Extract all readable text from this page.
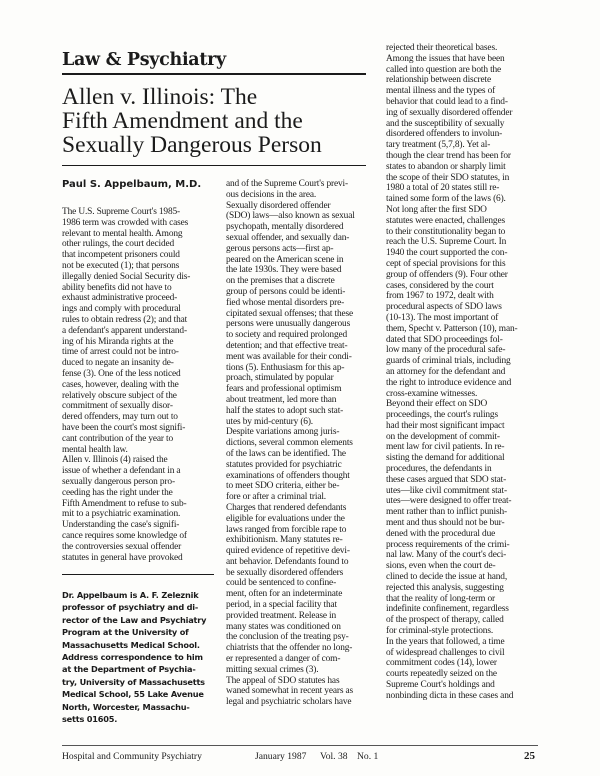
Law & Psychiatry
Allen v. Illinois: The
Fifth Amendment and the
Sexually Dangerous Person
Paul S. Appelbaum, M.D.
The U.S. Supreme Court's 1985-
1986 term was crowded with cases
relevant to mental health. Among
other rulings, the court decided
that incompetent prisoners could
not be executed (1); that persons
illegally denied Social Security dis-
ability benefits did not have to
exhaust administrative proceed-
ings and comply with procedural
rules to obtain redress (2); and that
a defendant's apparent understand-
ing of his Miranda rights at the
time of arrest could not be intro-
duced to negate an insanity de-
fense (3). One of the less noticed
cases, however, dealing with the
relatively obscure subject of the
commitment of sexually disor-
dered offenders, may turn out to
have been the court's most signifi-
cant contribution of the year to
mental health law.
Allen v. Illinois (4) raised the
issue of whether a defendant in a
sexually dangerous person pro-
ceeding has the right under the
Fifth Amendment to refuse to sub-
mit to a psychiatric examination.
Understanding the case's signifi-
cance requires some knowledge of
the controversies sexual offender
statutes in general have provoked
Dr. Appelbaum is A. F. Zeleznik
professor of psychiatry and di-
rector of the Law and Psychiatry
Program at the University of
Massachusetts Medical School.
Address correspondence to him
at the Department of Psychia-
try, University of Massachusetts
Medical School, 55 Lake Avenue
North, Worcester, Massachu-
setts 01605.
and of the Supreme Court's previ-
ous decisions in the area.
Sexually disordered offender
(SDO) laws—also known as sexual
psychopath, mentally disordered
sexual offender, and sexually dan-
gerous persons acts—first ap-
peared on the American scene in
the late 1930s. They were based
on the premises that a discrete
group of persons could be identi-
fied whose mental disorders pre-
cipitated sexual offenses; that these
persons were unusually dangerous
to society and required prolonged
detention; and that effective treat-
ment was available for their condi-
tions (5). Enthusiasm for this ap-
proach, stimulated by popular
fears and professional optimism
about treatment, led more than
half the states to adopt such stat-
utes by mid-century (6).
Despite variations among juris-
dictions, several common elements
of the laws can be identified. The
statutes provided for psychiatric
examinations of offenders thought
to meet SDO criteria, either be-
fore or after a criminal trial.
Charges that rendered defendants
eligible for evaluations under the
laws ranged from forcible rape to
exhibitionism. Many statutes re-
quired evidence of repetitive devi-
ant behavior. Defendants found to
be sexually disordered offenders
could be sentenced to confine-
ment, often for an indeterminate
period, in a special facility that
provided treatment. Release in
many states was conditioned on
the conclusion of the treating psy-
chiatrists that the offender no long-
er represented a danger of com-
mitting sexual crimes (3).
The appeal of SDO statutes has
waned somewhat in recent years as
legal and psychiatric scholars have
rejected their theoretical bases.
Among the issues that have been
called into question are both the
relationship between discrete
mental illness and the types of
behavior that could lead to a find-
ing of sexually disordered offender
and the susceptibility of sexually
disordered offenders to involun-
tary treatment (5,7,8). Yet al-
though the clear trend has been for
states to abandon or sharply limit
the scope of their SDO statutes, in
1980 a total of 20 states still re-
tained some form of the laws (6).
Not long after the first SDO
statutes were enacted, challenges
to their constitutionality began to
reach the U.S. Supreme Court. In
1940 the court supported the con-
cept of special provisions for this
group of offenders (9). Four other
cases, considered by the court
from 1967 to 1972, dealt with
procedural aspects of SDO laws
(10-13). The most important of
them, Specht v. Patterson (10), man-
dated that SDO proceedings fol-
low many of the procedural safe-
guards of criminal trials, including
an attorney for the defendant and
the right to introduce evidence and
cross-examine witnesses.
Beyond their effect on SDO
proceedings, the court's rulings
had their most significant impact
on the development of commit-
ment law for civil patients. In re-
sisting the demand for additional
procedures, the defendants in
these cases argued that SDO stat-
utes—like civil commitment stat-
utes—were designed to offer treat-
ment rather than to inflict punish-
ment and thus should not be bur-
dened with the procedural due
process requirements of the crimi-
nal law. Many of the court's deci-
sions, even when the court de-
clined to decide the issue at hand,
rejected this analysis, suggesting
that the reality of long-term or
indefinite confinement, regardless
of the prospect of therapy, called
for criminal-style protections.
In the years that followed, a time
of widespread challenges to civil
commitment codes (14), lower
courts repeatedly seized on the
Supreme Court's holdings and
nonbinding dicta in these cases and
Hospital and Community Psychiatry	January 1987 Vol. 38 No. 1	25
